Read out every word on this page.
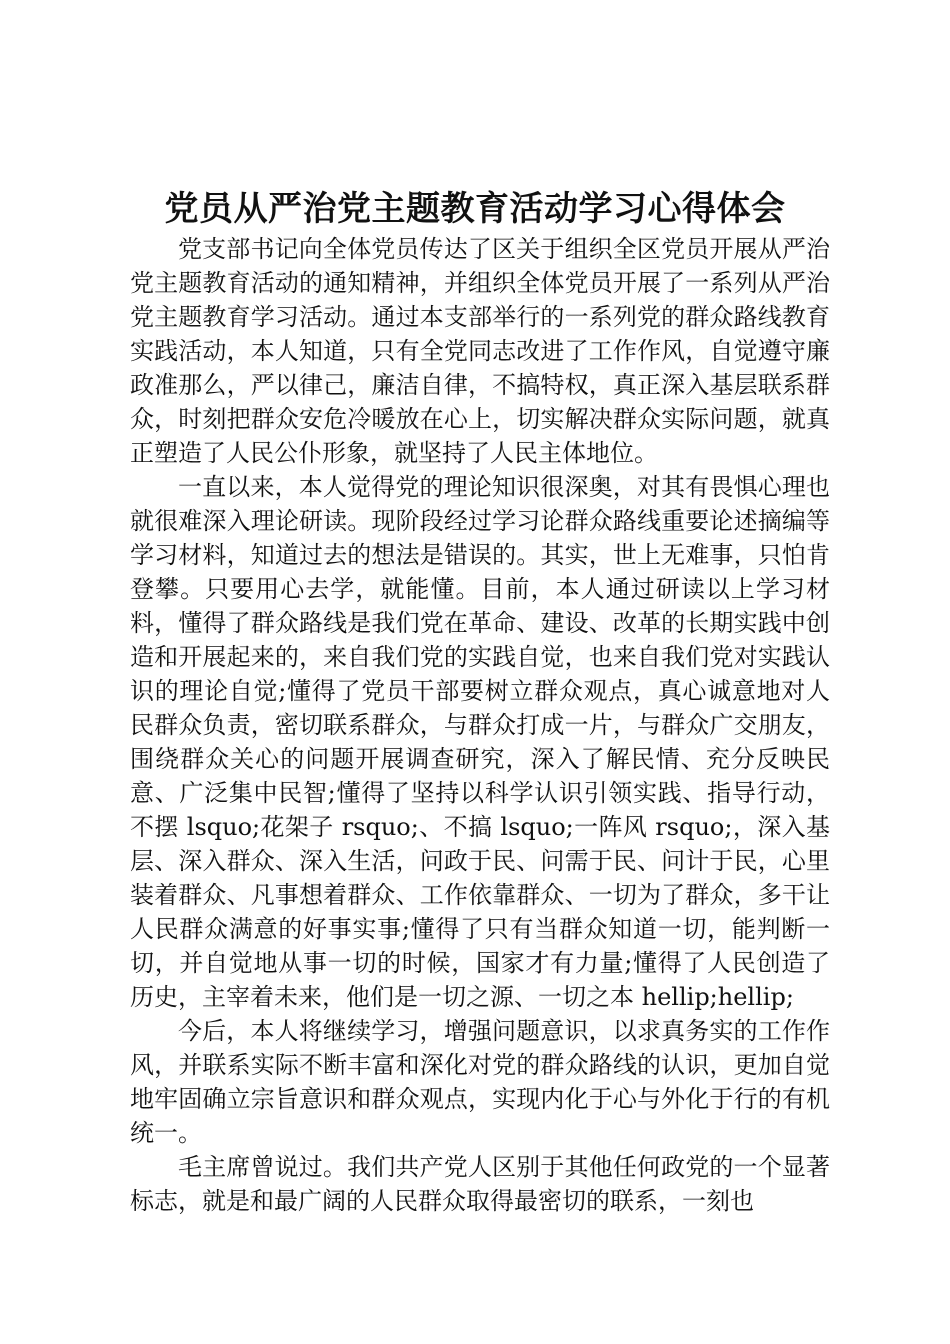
党员从严治党主题教育活动学习心得体会

党支部书记向全体党员传达了区关于组织全区党员开展从严治党主题教育活动的通知精神，并组织全体党员开展了一系列从严治党主题教育学习活动。通过本支部举行的一系列党的群众路线教育实践活动，本人知道，只有全党同志改进了工作作风，自觉遵守廉政准那么，严以律己，廉洁自律，不搞特权，真正深入基层联系群众，时刻把群众安危冷暖放在心上，切实解决群众实际问题，就真正塑造了人民公仆形象，就坚持了人民主体地位。

一直以来，本人觉得党的理论知识很深奥，对其有畏惧心理也就很难深入理论研读。现阶段经过学习论群众路线重要论述摘编等学习材料，知道过去的想法是错误的。其实，世上无难事，只怕肯登攀。只要用心去学，就能懂。目前，本人通过研读以上学习材料，懂得了群众路线是我们党在革命、建设、改革的长期实践中创造和开展起来的，来自我们党的实践自觉，也来自我们党对实践认识的理论自觉;懂得了党员干部要树立群众观点，真心诚意地对人民群众负责，密切联系群众，与群众打成一片，与群众广交朋友，围绕群众关心的问题开展调查研究，深入了解民情、充分反映民意、广泛集中民智;懂得了坚持以科学认识引领实践、指导行动，不摆 lsquo;花架子 rsquo;、不搞 lsquo;一阵风 rsquo;，深入基层、深入群众、深入生活，问政于民、问需于民、问计于民，心里装着群众、凡事想着群众、工作依靠群众、一切为了群众，多干让人民群众满意的好事实事;懂得了只有当群众知道一切，能判断一切，并自觉地从事一切的时候，国家才有力量;懂得了人民创造了历史，主宰着未来，他们是一切之源、一切之本 hellip;hellip;

今后，本人将继续学习，增强问题意识，以求真务实的工作作风，并联系实际不断丰富和深化对党的群众路线的认识，更加自觉地牢固确立宗旨意识和群众观点，实现内化于心与外化于行的有机统一。

毛主席曾说过。我们共产党人区别于其他任何政党的一个显著标志，就是和最广阔的人民群众取得最密切的联系，一刻也
